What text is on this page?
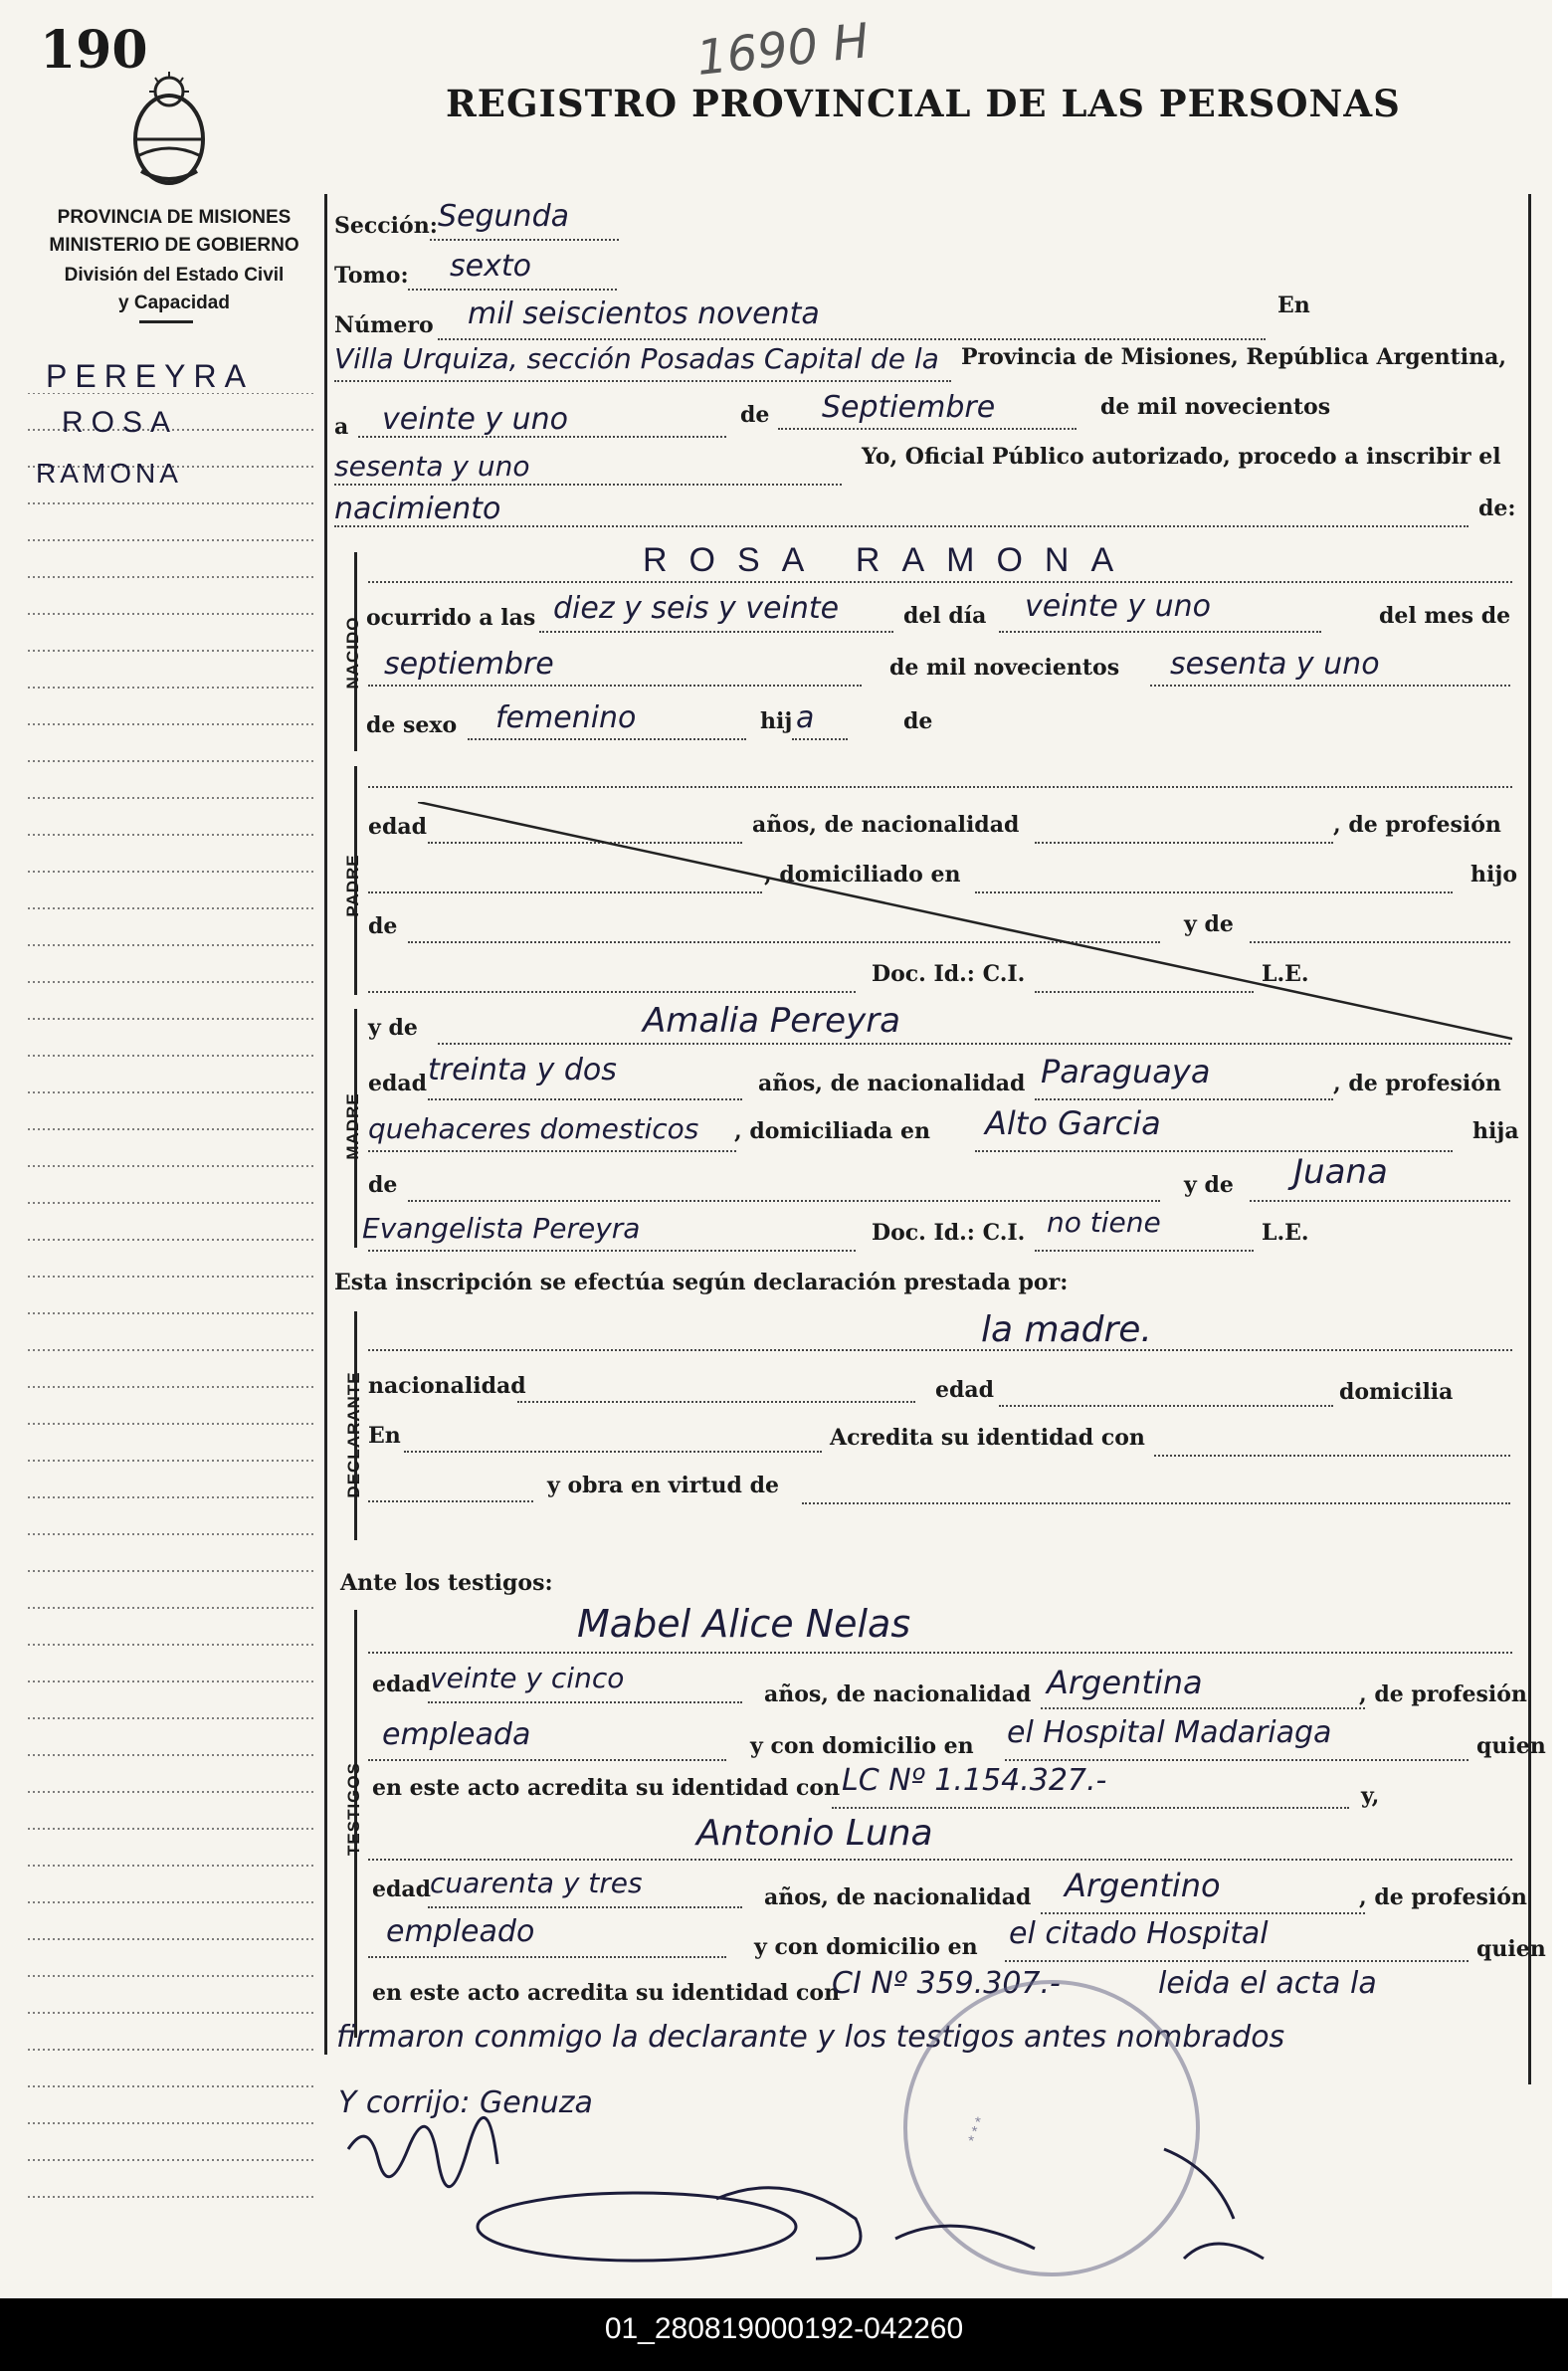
190	1690 H
REGISTRO PROVINCIAL DE LAS PERSONAS
PROVINCIA DE MISIONES
MINISTERIO DE GOBIERNO
División del Estado Civil
y Capacidad
PEREYRA
ROSA
RAMONA
Sección: Segunda
Tomo: sexto
Número mil seiscientos noventa	En
Villa Urquiza, sección Posadas Capital de la Provincia de Misiones, República Argentina,
a veinte y uno	de Septiembre	de mil novecientos
sesenta y uno	Yo, Oficial Público autorizado, procedo a inscribir el
nacimiento	de:
NACIDO
ROSA RAMONA
ocurrido a las diez y seis y veinte	del día veinte y uno	del mes de
septiembre	de mil novecientos sesenta y uno
de sexo femenino	hij a	de
PADRE
edad	años, de nacionalidad	, de profesión
, domiciliado en	hijo
de	y de
Doc. Id.: C.I.	L.E.
MADRE
y de	Amalia Pereyra
edad treinta y dos	años, de nacionalidad Paraguaya	, de profesión
quehaceres domesticos , domiciliada en Alto Garcia	hija
de	y de Juana
Evangelista Pereyra	Doc. Id.: C.I. no tiene	L.E.
Esta inscripción se efectúa según declaración prestada por:
DECLARANTE
la madre.
nacionalidad	edad	domicilia
En	Acredita su identidad con
y obra en virtud de
Ante los testigos:
TESTIGOS
Mabel Alice Nelas
edad
veinte y cinco	años, de nacionalidad Argentina	, de profesión
empleada	y con domicilio en el Hospital Madariaga	quien
en este acto acredita su identidad con LC Nº 1.154.327.-	y,
Antonio Luna
edad
cuarenta y tres	años, de nacionalidad Argentino	, de profesión
empleado	y con domicilio en el citado Hospital	quien
en este acto acredita su identidad con
CI Nº 359.307.-	leida el acta la
firmaron conmigo la declarante y los testigos antes nombrados
Y corrijo: Genuza
* * *
01_280819000192-042260
